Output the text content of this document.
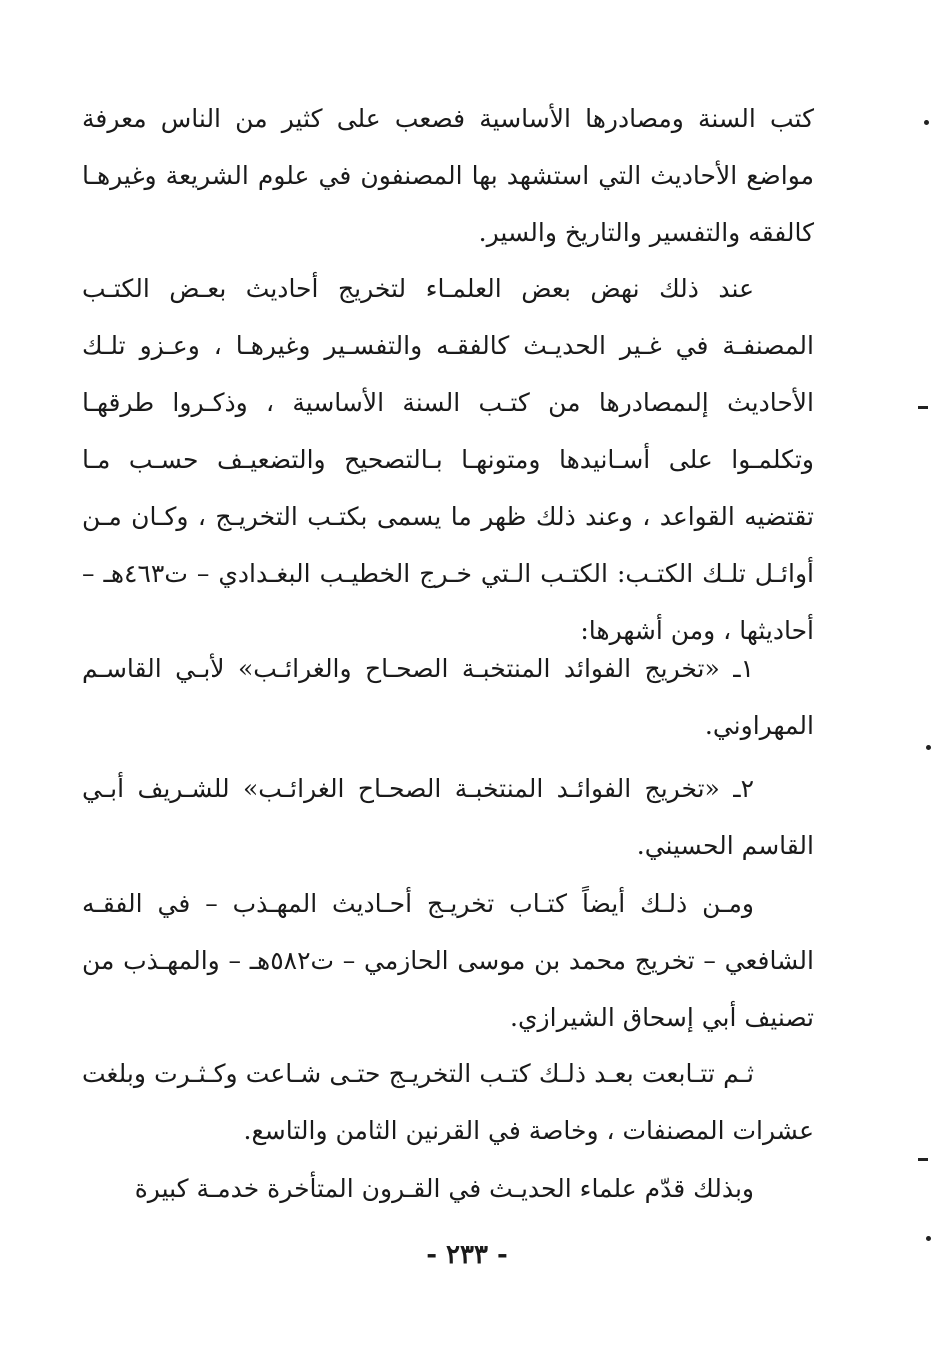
كتب السنة ومصادرها الأساسية فصعب على كثير من الناس معرفة مواضع الأحاديث التي استشهد بها المصنفون في علوم الشريعة وغيرهـا كالفقه والتفسير والتاريخ والسير.

عند ذلك نهض بعض العلمـاء لتخريج أحاديث بعـض الكتـب المصنفـة في غـير الحديـث كالفقـه والتفسـير وغيرهـا ، وعـزو تلـك الأحاديث إلىمصادرها من كتـب السنة الأساسية ، وذكـروا طرقهـا وتكلمـوا على أسـانيدها ومتونهـا بـالتصحيح والتضعيـف حسـب مـا تقتضيه القواعد ، وعند ذلك ظهر ما يسمى بكتـب التخريـج ، وكـان مـن أوائـل تلـك الكتـب: الكتـب الـتي خـرج الخطيـب البغـدادي – ت٤٦٣هـ – أحاديثها ، ومن أشهرها:

١ـ «تخريج الفوائد المنتخبـة الصحـاح والغرائـب» لأبـي القاسـم المهراوني.

٢ـ «تخريج الفوائـد المنتخبـة الصحـاح الغرائـب» للشـريف أبـي القاسم الحسيني.

ومـن ذلـك أيضاً كتـاب تخريـج أحـاديث المهـذب – في الفقـه الشافعي – تخريج محمد بن موسى الحازمي – ت٥٨٢هـ – والمهـذب من تصنيف أبي إسحاق الشيرازي.

ثـم تتـابعت بعـد ذلـك كتـب التخريـج حتـى شـاعت وكـثـرت وبلغت عشرات المصنفات ، وخاصة في القرنين الثامن والتاسع.

وبذلك قدّم علماء الحديـث في القـرون المتأخرة خدمـة كبيرة

- ٢٣٣ -
